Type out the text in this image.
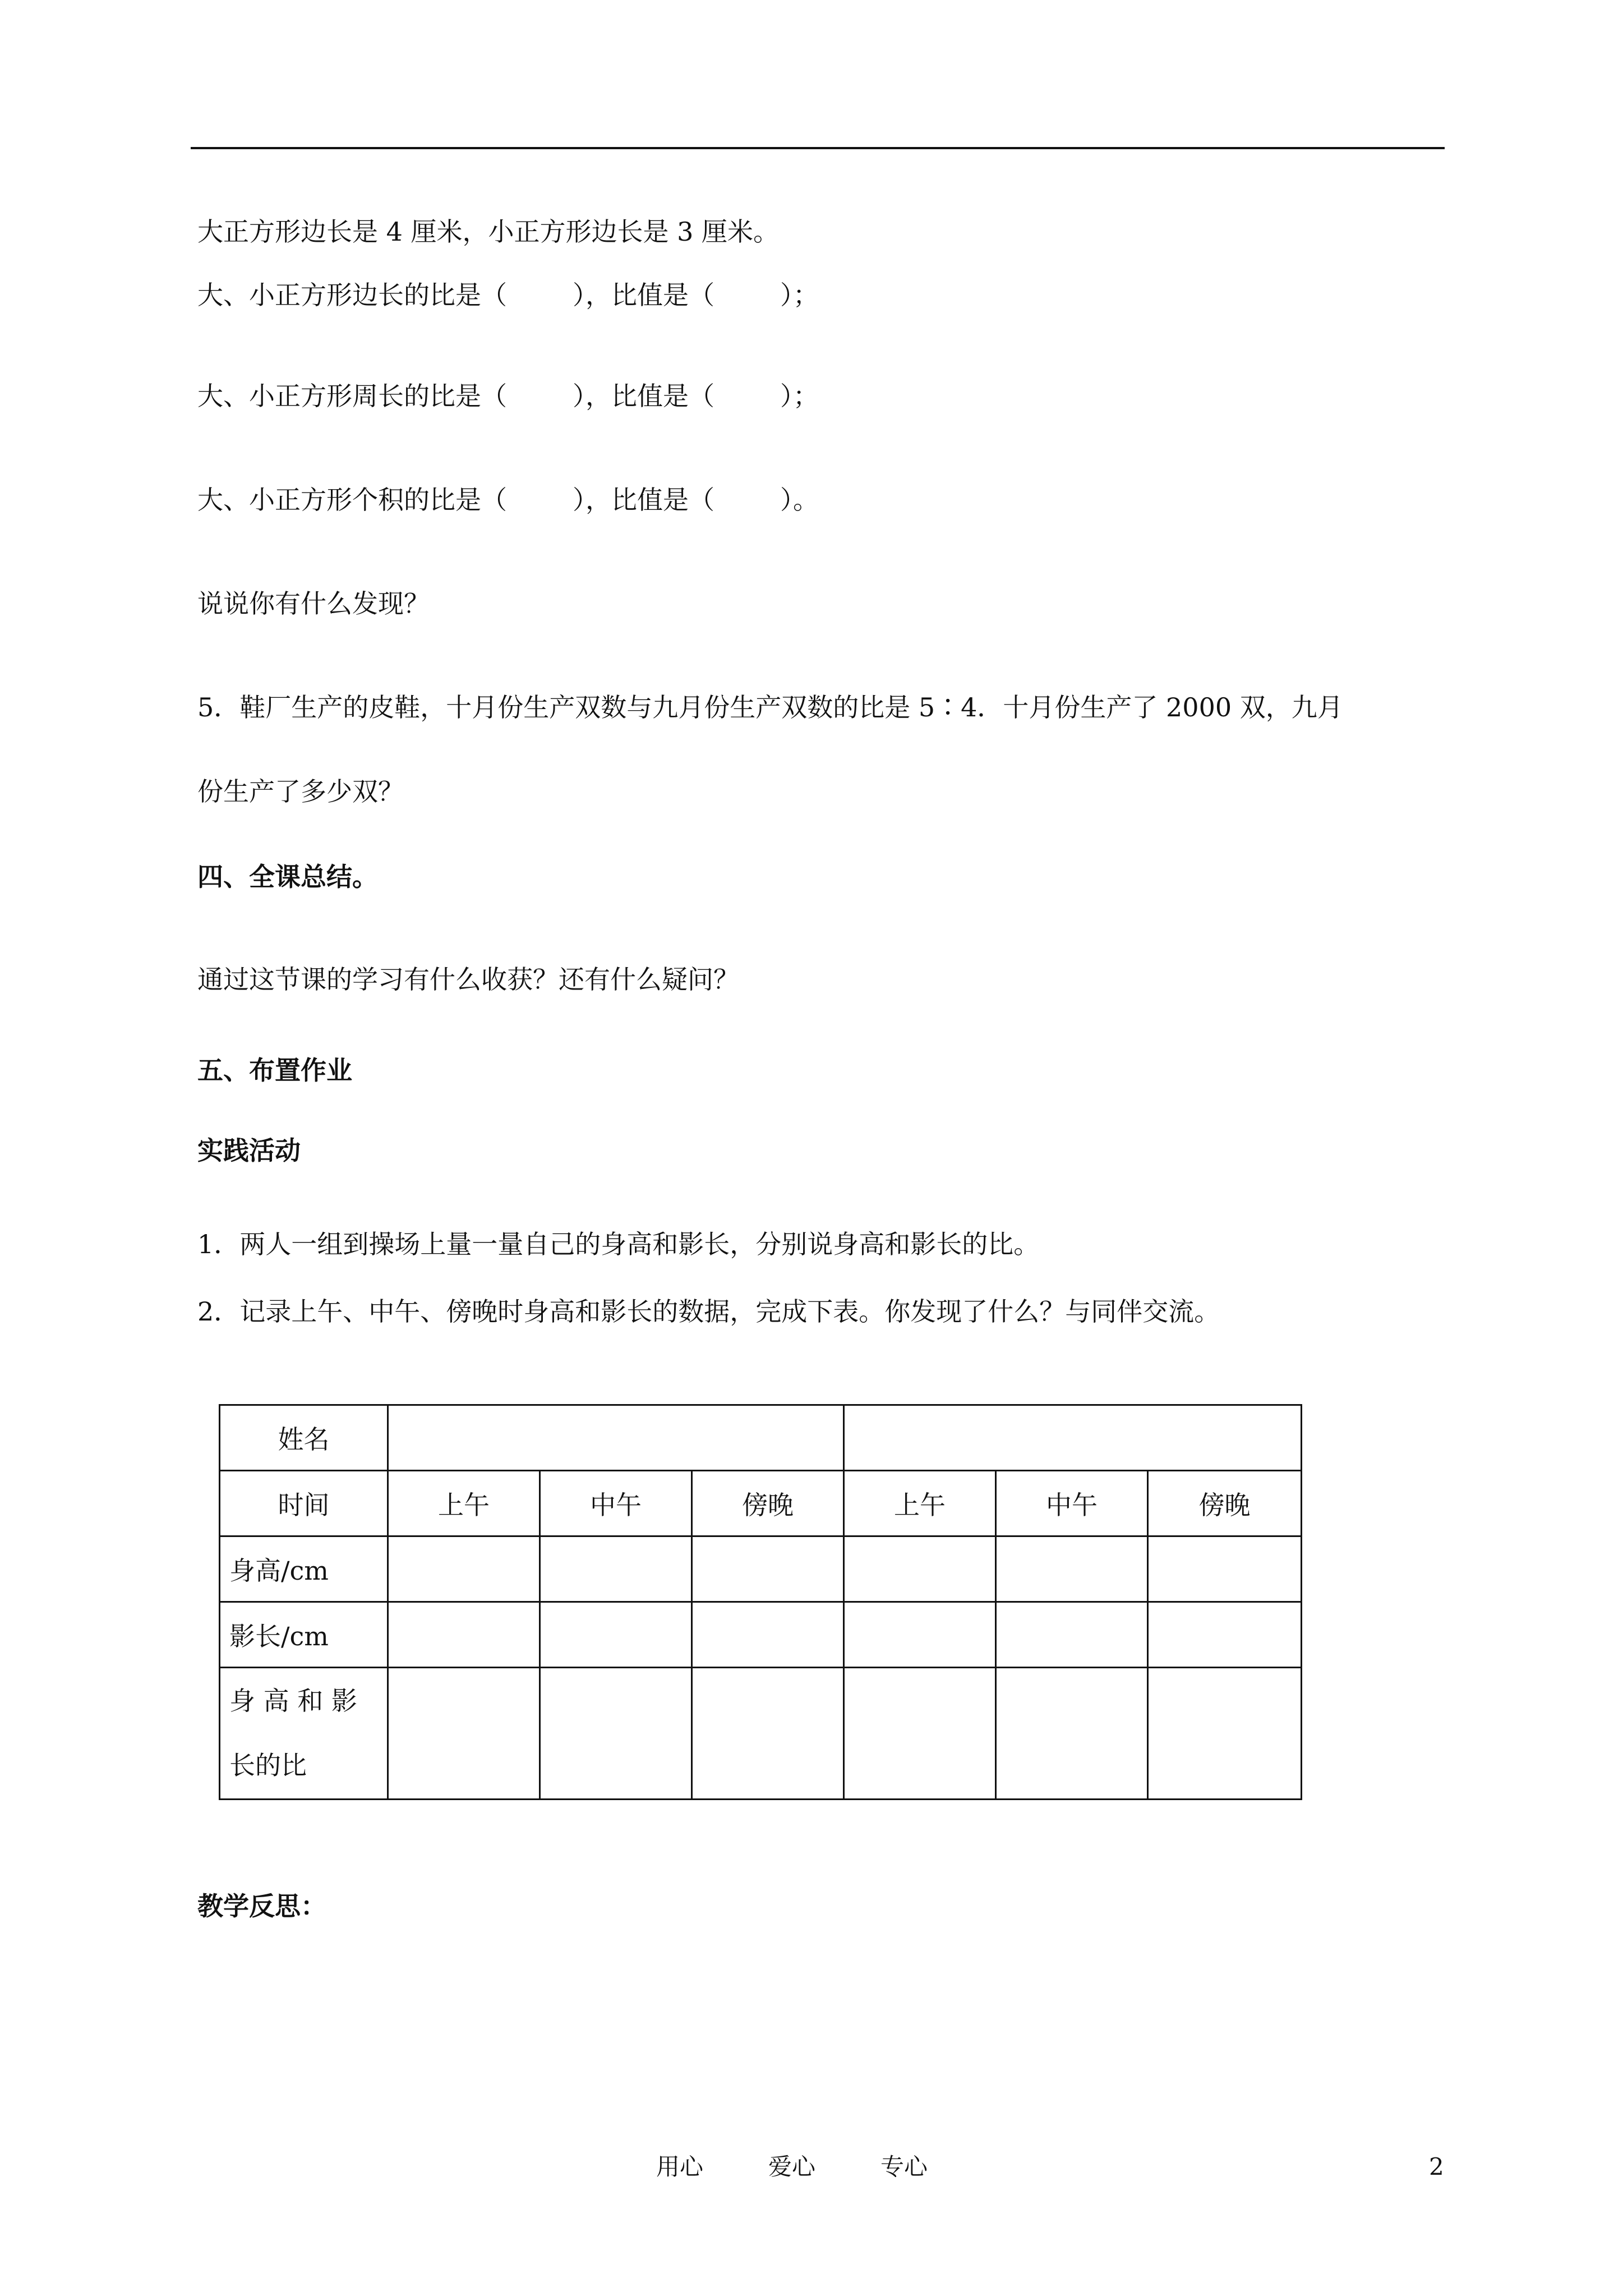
大正方形边长是 4 厘米，小正方形边长是 3 厘米。
大、小正方形边长的比是（        ），比值是（        ）；
大、小正方形周长的比是（        ），比值是（        ）；
大、小正方形个积的比是（        ），比值是（        ）。
说说你有什么发现？
5．鞋厂生产的皮鞋，十月份生产双数与九月份生产双数的比是 5∶4．十月份生产了 2000 双，九月
份生产了多少双？
四、全课总结。
通过这节课的学习有什么收获？还有什么疑问？
五、布置作业
实践活动
1．两人一组到操场上量一量自己的身高和影长，分别说身高和影长的比。
2．记录上午、中午、傍晚时身高和影长的数据，完成下表。你发现了什么？与同伴交流。
姓名						
时间	上午	中午	傍晚	上午	中午	傍晚
身高/cm						
影长/cm						

身 高 和 影
长的比						

教学反思：
用心	爱心	专心	2
